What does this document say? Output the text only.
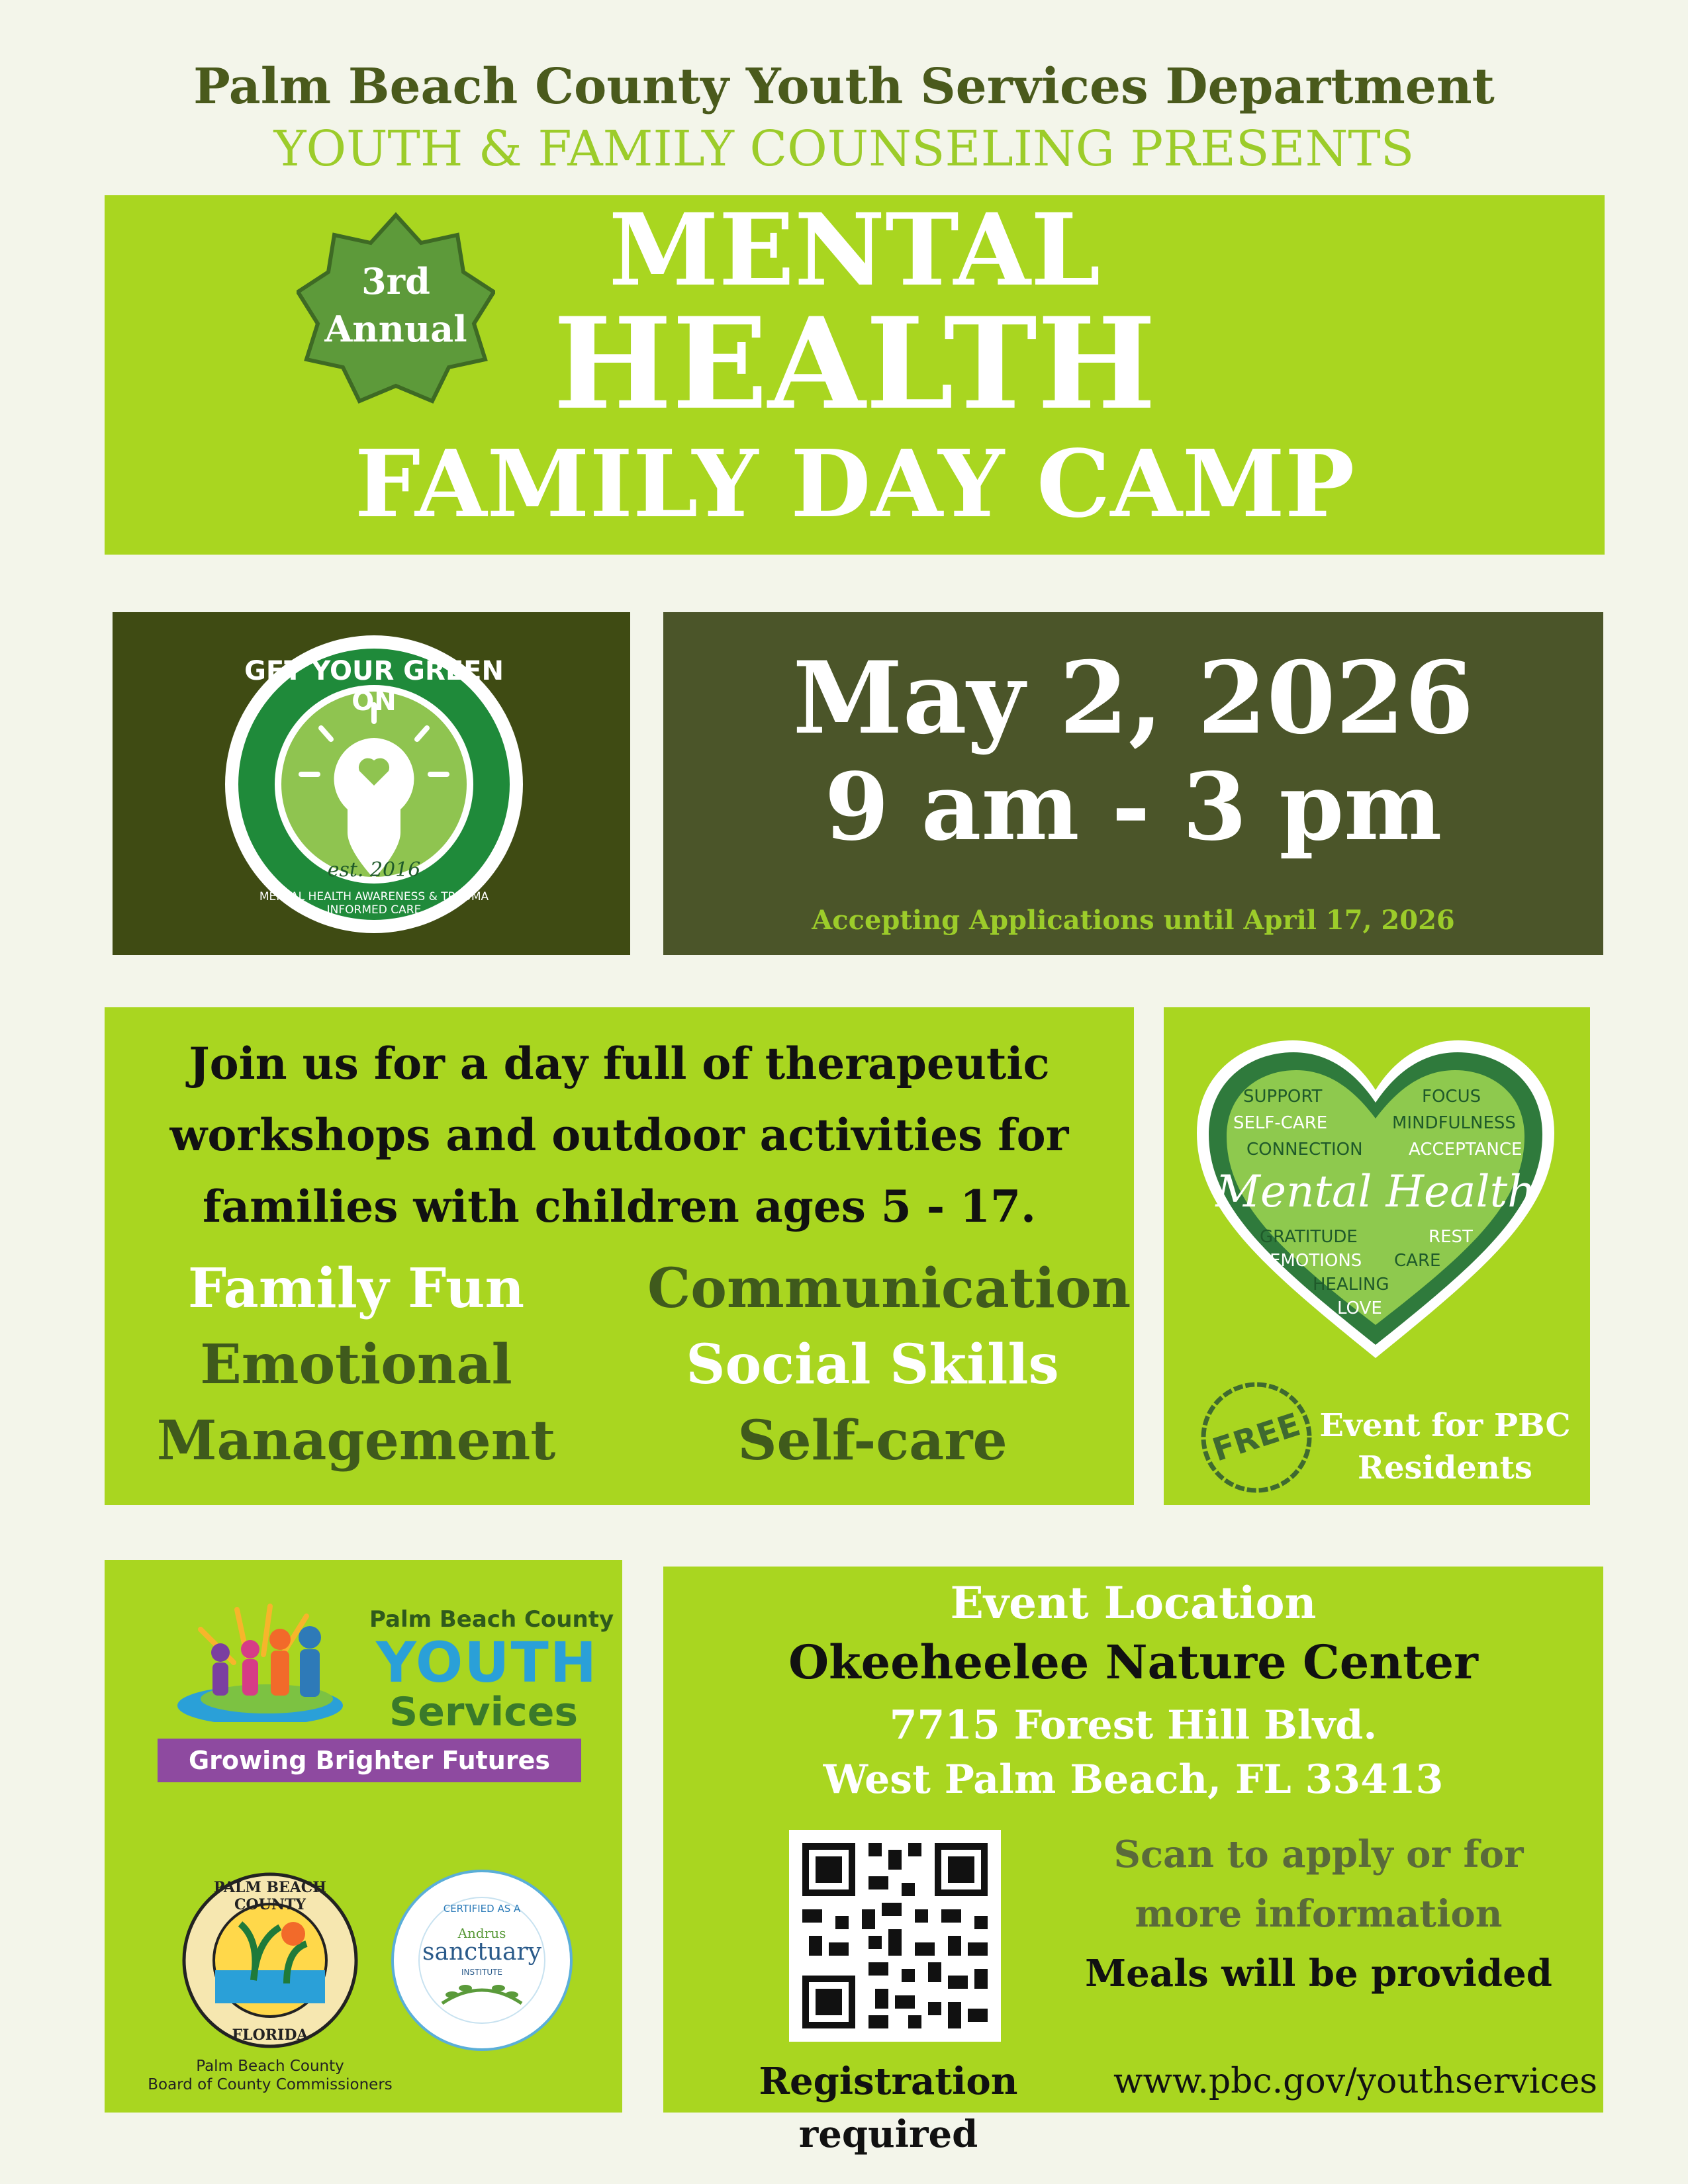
Palm Beach County Youth Services Department
YOUTH & FAMILY COUNSELING PRESENTS
3rd
Annual
MENTAL
HEALTH
FAMILY DAY CAMP
GET YOUR GREEN ON
MENTAL HEALTH AWARENESS & TRAUMA INFORMED CARE
est. 2016
May 2, 2026
9 am - 3 pm
Accepting Applications until April 17, 2026
Join us for a day full of therapeutic
workshops and outdoor activities for
families with children ages 5 - 17.
Family Fun
Emotional
Management
Communication
Social Skills
Self-care
SUPPORT	FOCUS
SELF-CARE	MINDFULNESS
CONNECTION	ACCEPTANCE
Mental Health
GRATITUDE	REST
EMOTIONS CARE
HEALING
LOVE
FREE Event for PBC
Residents
Palm Beach County
YOUTH
Services
Growing Brighter Futures
PALM BEACH COUNTY
FLORIDA
Palm Beach County
Board of County Commissioners
CERTIFIED AS A
Andrus
sanctuary
INSTITUTE
Event Location
Okeeheelee Nature Center
7715 Forest Hill Blvd.
West Palm Beach, FL 33413
Scan to apply or for
more information
Meals will be provided
Registration required
www.pbc.gov/youthservices
